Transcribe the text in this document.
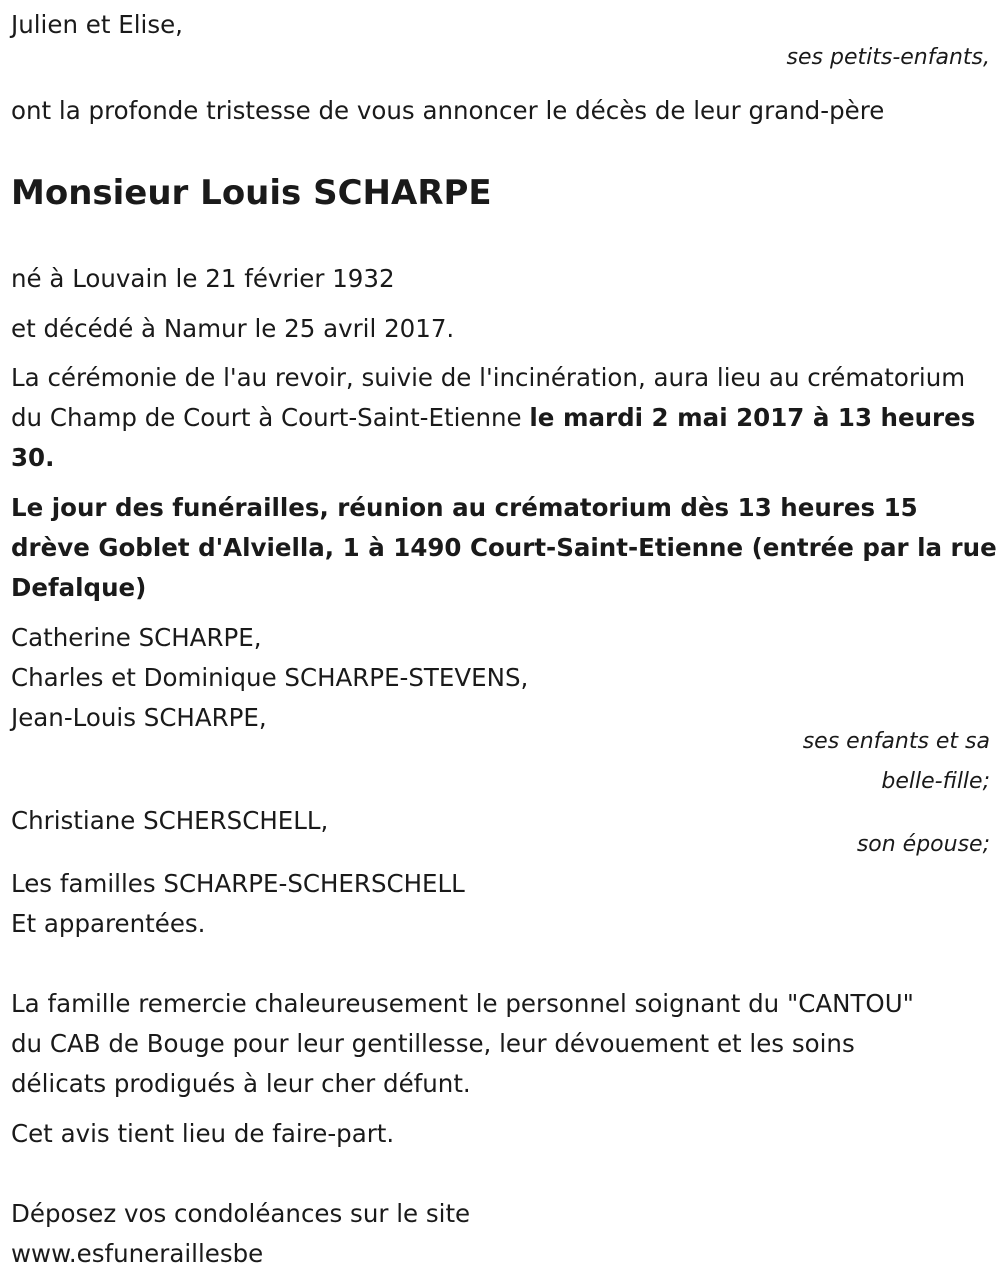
Julien et Elise,

ses petits-enfants,

ont la profonde tristesse de vous annoncer le décès de leur grand-père

Monsieur Louis SCHARPE

né à Louvain le 21 février 1932

et décédé à Namur le 25 avril 2017.

La cérémonie de l'au revoir, suivie de l'incinération, aura lieu au crématorium du Champ de Court à Court-Saint-Etienne le mardi 2 mai 2017 à 13 heures 30.

Le jour des funérailles, réunion au crématorium dès 13 heures 15

drève Goblet d'Alviella, 1 à 1490 Court-Saint-Etienne (entrée par la rue

Defalque)

Catherine SCHARPE,

Charles et Dominique SCHARPE-STEVENS,

Jean-Louis SCHARPE,

ses enfants et sa

belle-fille;

Christiane SCHERSCHELL,

son épouse;

Les familles SCHARPE-SCHERSCHELL

Et apparentées.

La famille remercie chaleureusement le personnel soignant du "CANTOU"

du CAB de Bouge pour leur gentillesse, leur dévouement et les soins

délicats prodigués à leur cher défunt.

Cet avis tient lieu de faire-part.

Déposez vos condoléances sur le site

www.esfuneraillesbe
